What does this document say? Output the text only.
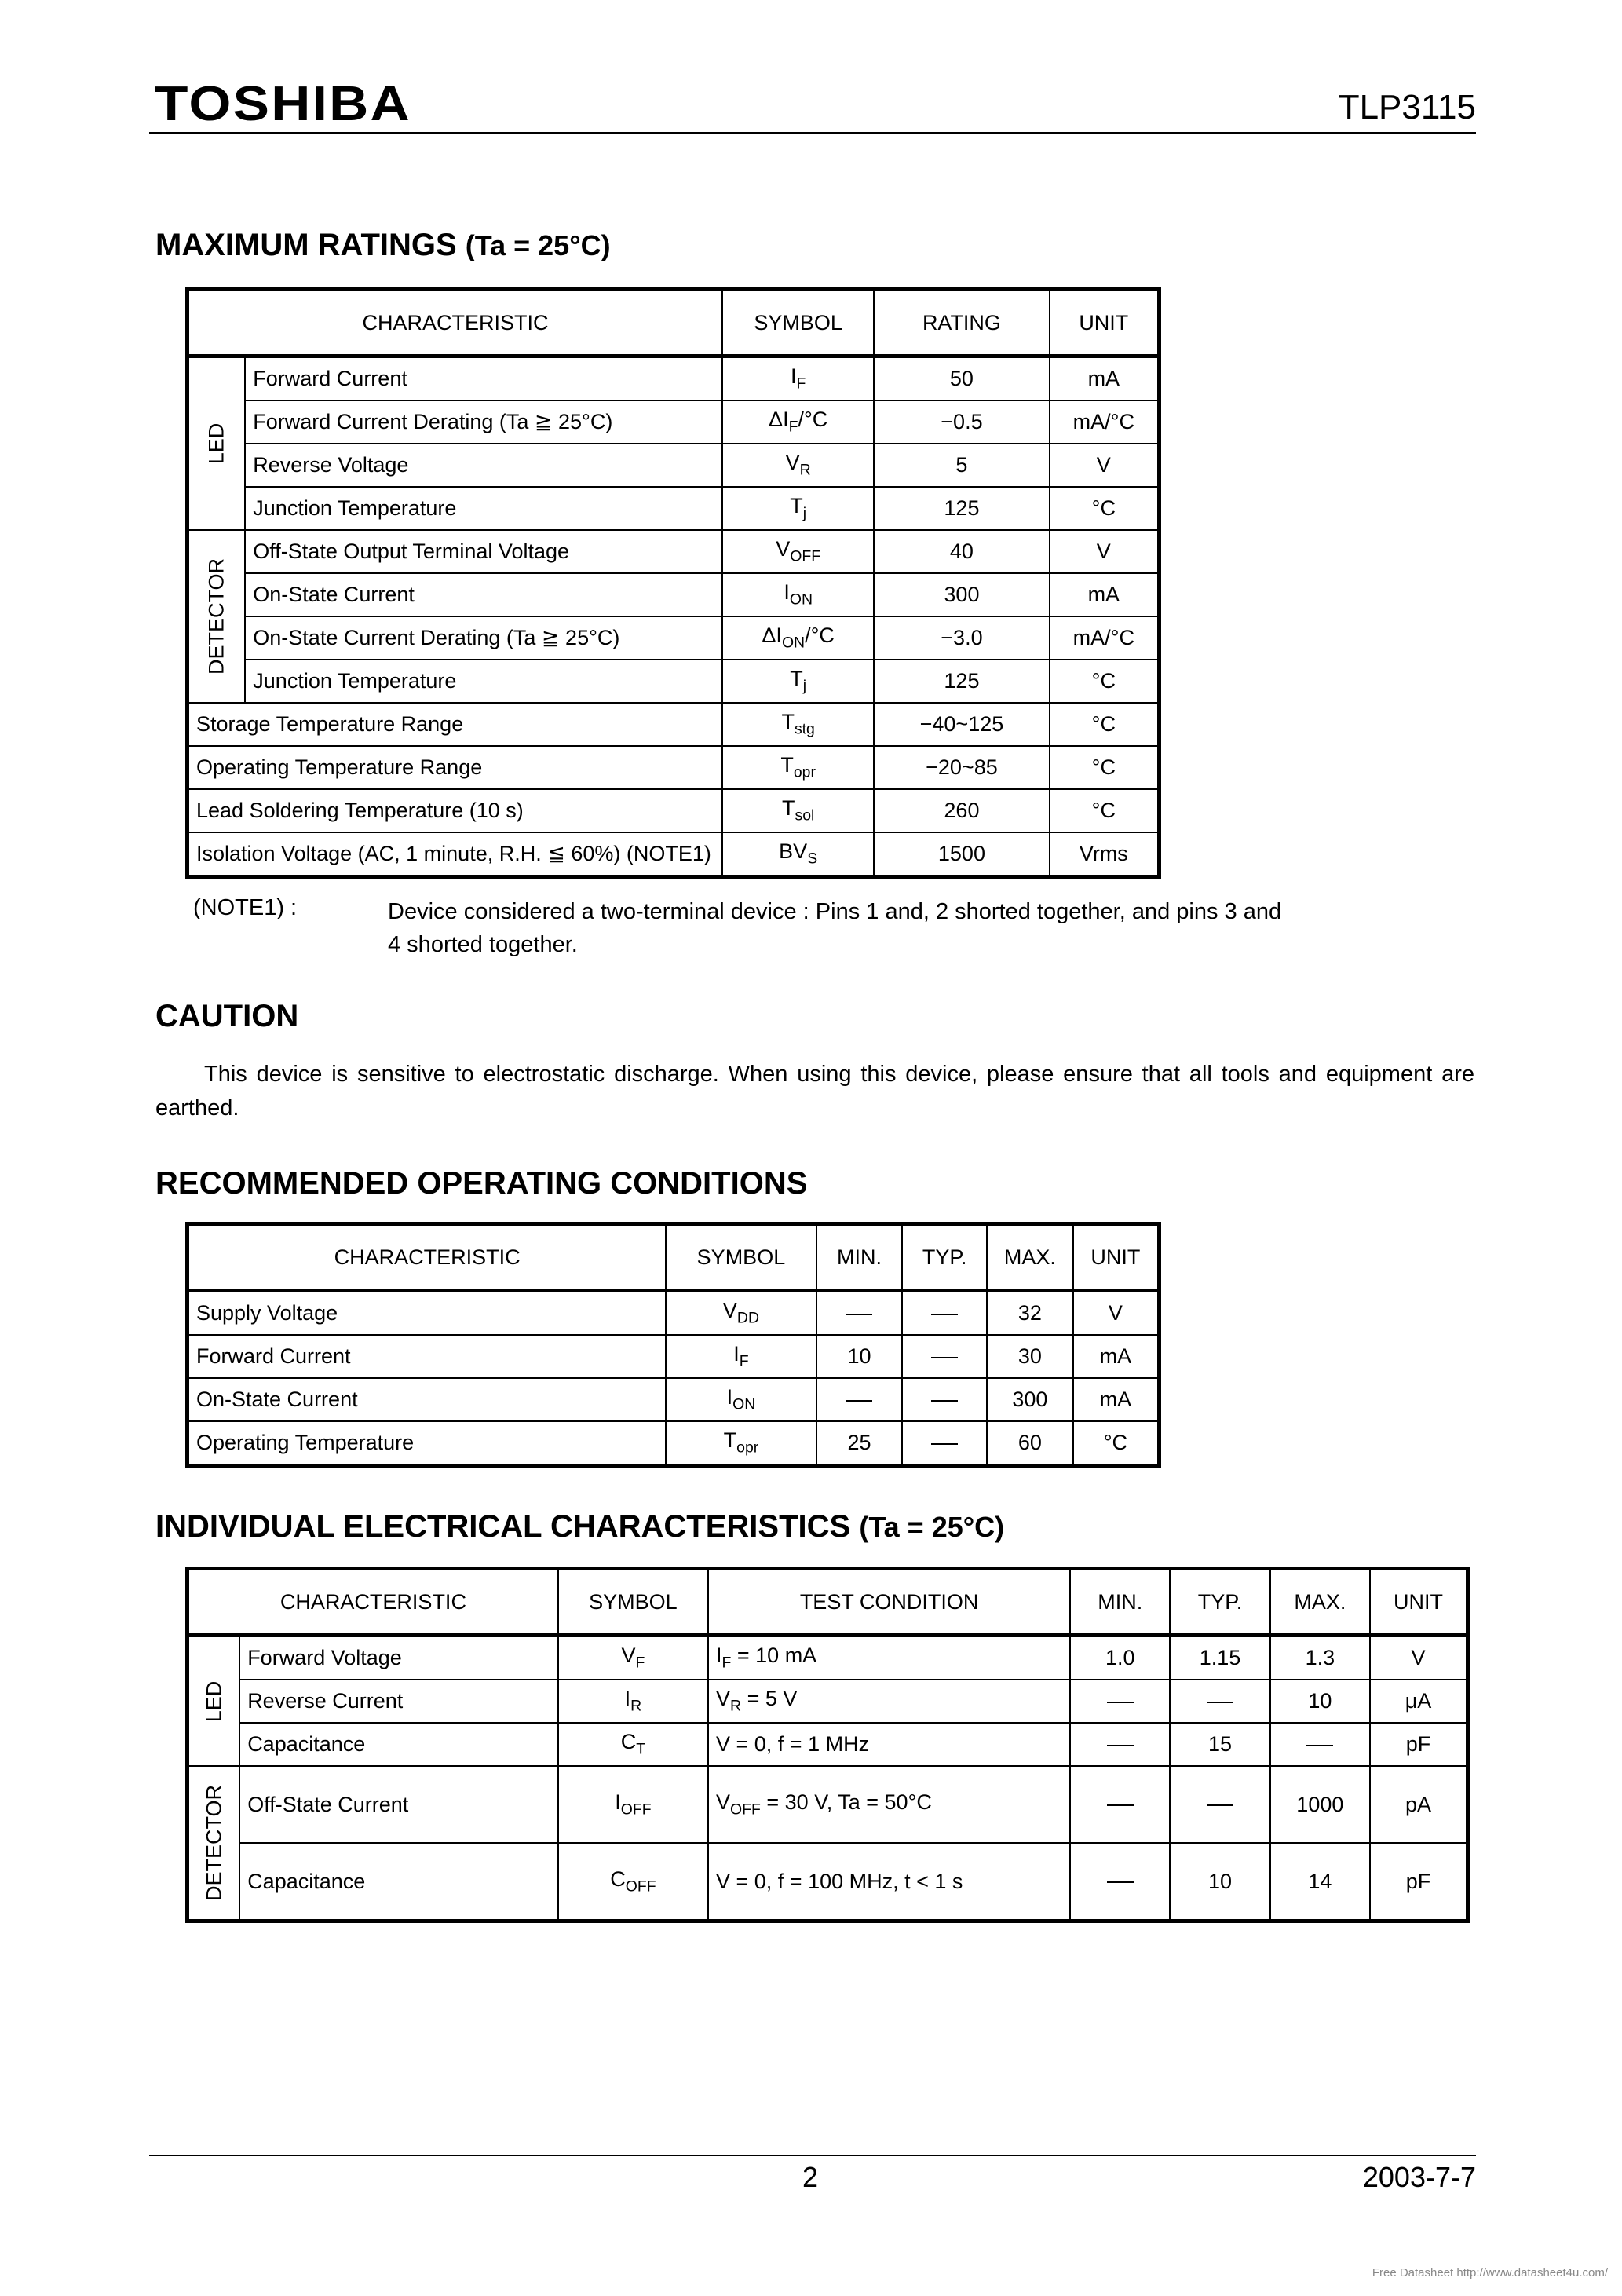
TOSHIBA	TLP3115
MAXIMUM RATINGS (Ta = 25°C)
CHARACTERISTIC		SYMBOL	RATING	UNIT

LED	Forward Current	$I_F$	50	mA
	Forward Current Derating (Ta ≧ 25°C)	$\Delta I_F/^\circ C$	−0.5	mA/°C
	Reverse Voltage	$V_R$	5	V
	Junction Temperature	$T_j$	125	°C

DETECTOR	Off-State Output Terminal Voltage	$V_{OFF}$	40	V
	On-State Current	$I_{ON}$	300	mA
	On-State Current Derating (Ta ≧ 25°C)	$\Delta I_{ON}/^\circ C$	−3.0	mA/°C
	Junction Temperature	$T_j$	125	°C
Storage Temperature Range		$T_{stg}$	−40~125	°C
Operating Temperature Range		$T_{opr}$	−20~85	°C
Lead Soldering Temperature (10 s)		$T_{sol}$	260	°C
Isolation Voltage (AC, 1 minute, R.H. ≦ 60%) (NOTE1)		$BV_S$	1500	Vrms
(NOTE1) :	Device considered a two-terminal device : Pins 1 and, 2 shorted together, and pins 3 and 4 shorted together.
CAUTION
This device is sensitive to electrostatic discharge. When using this device, please ensure that all tools and equipment are earthed.
RECOMMENDED OPERATING CONDITIONS
CHARACTERISTIC	SYMBOL	MIN.	TYP.	MAX.	UNIT
Supply Voltage	$V_{DD}$			32	V
Forward Current	$I_F$	10		30	mA
On-State Current	$I_{ON}$			300	mA
Operating Temperature	$T_{opr}$	25		60	°C
INDIVIDUAL ELECTRICAL CHARACTERISTICS (Ta = 25°C)
CHARACTERISTIC		SYMBOL	TEST CONDITION	MIN.	TYP.	MAX.	UNIT

LED	Forward Voltage	$V_F$	$I_F = 10$ mA	1.0	1.15	1.3	V
	Reverse Current	$I_R$	$V_R = 5$ V			10	μA
	Capacitance	$C_T$	V = 0, f = 1 MHz		15		pF

DETECTOR	Off-State Current	$I_{OFF}$	$V_{OFF} = 30$ V, Ta = 50°C			1000	pA
	Capacitance	$C_{OFF}$	V = 0, f = 100 MHz, t < 1 s		10	14	pF
2	2003-7-7
Free Datasheet http://www.datasheet4u.com/
